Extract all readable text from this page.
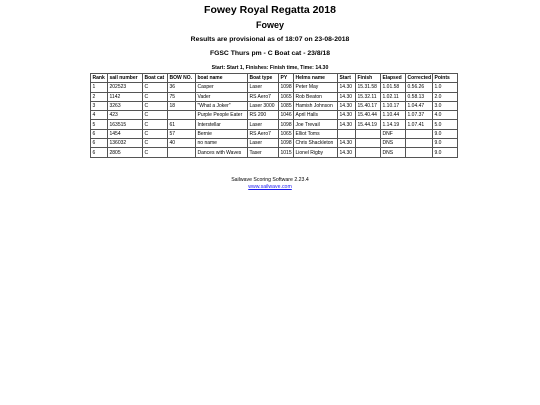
Fowey Royal Regatta 2018
Fowey
Results are provisional as of 18:07 on 23-08-2018
FGSC Thurs pm - C Boat cat - 23/8/18
Start: Start 1, Finishes: Finish time, Time: 14.30
Rank	sail number	Boat cat	BOW NO.	boat name	Boat type	PY	Helms name	Start	Finish	Elapsed	Corrected	Points
1	202523	C	36	Casper	Laser	1098	Peter May	14.30	15.31.58	1.01.58	0.56.26	1.0
2	1142	C	75	Vader	RS Aero7	1065	Rob Beaton	14.30	15.32.11	1.02.11	0.58.13	2.0
3	3263	C	18	"What a Joker"	Laser 3000	1085	Hamish Johnson	14.30	15.40.17	1.10.17	1.04.47	3.0
4	423	C		Purple People Eater	RS 200	1046	April Halls	14.30	15.40.44	1.10.44	1.07.37	4.0
5	163515	C	61	Interstellar	Laser	1098	Joe Trevail	14.30	15.44.19	1.14.19	1.07.41	5.0
6	1454	C	57	Bernie	RS Aero7	1065	Elliot Toms			DNF		9.0
6	136032	C	40	no name	Laser	1098	Chris Shackleton	14.30		DNS		9.0
6	2805	C		Dances with Waves	Taser	1015	Lionel Rigby	14.30		DNS		9.0
Sailwave Scoring Software 2.23.4
www.sailwave.com
